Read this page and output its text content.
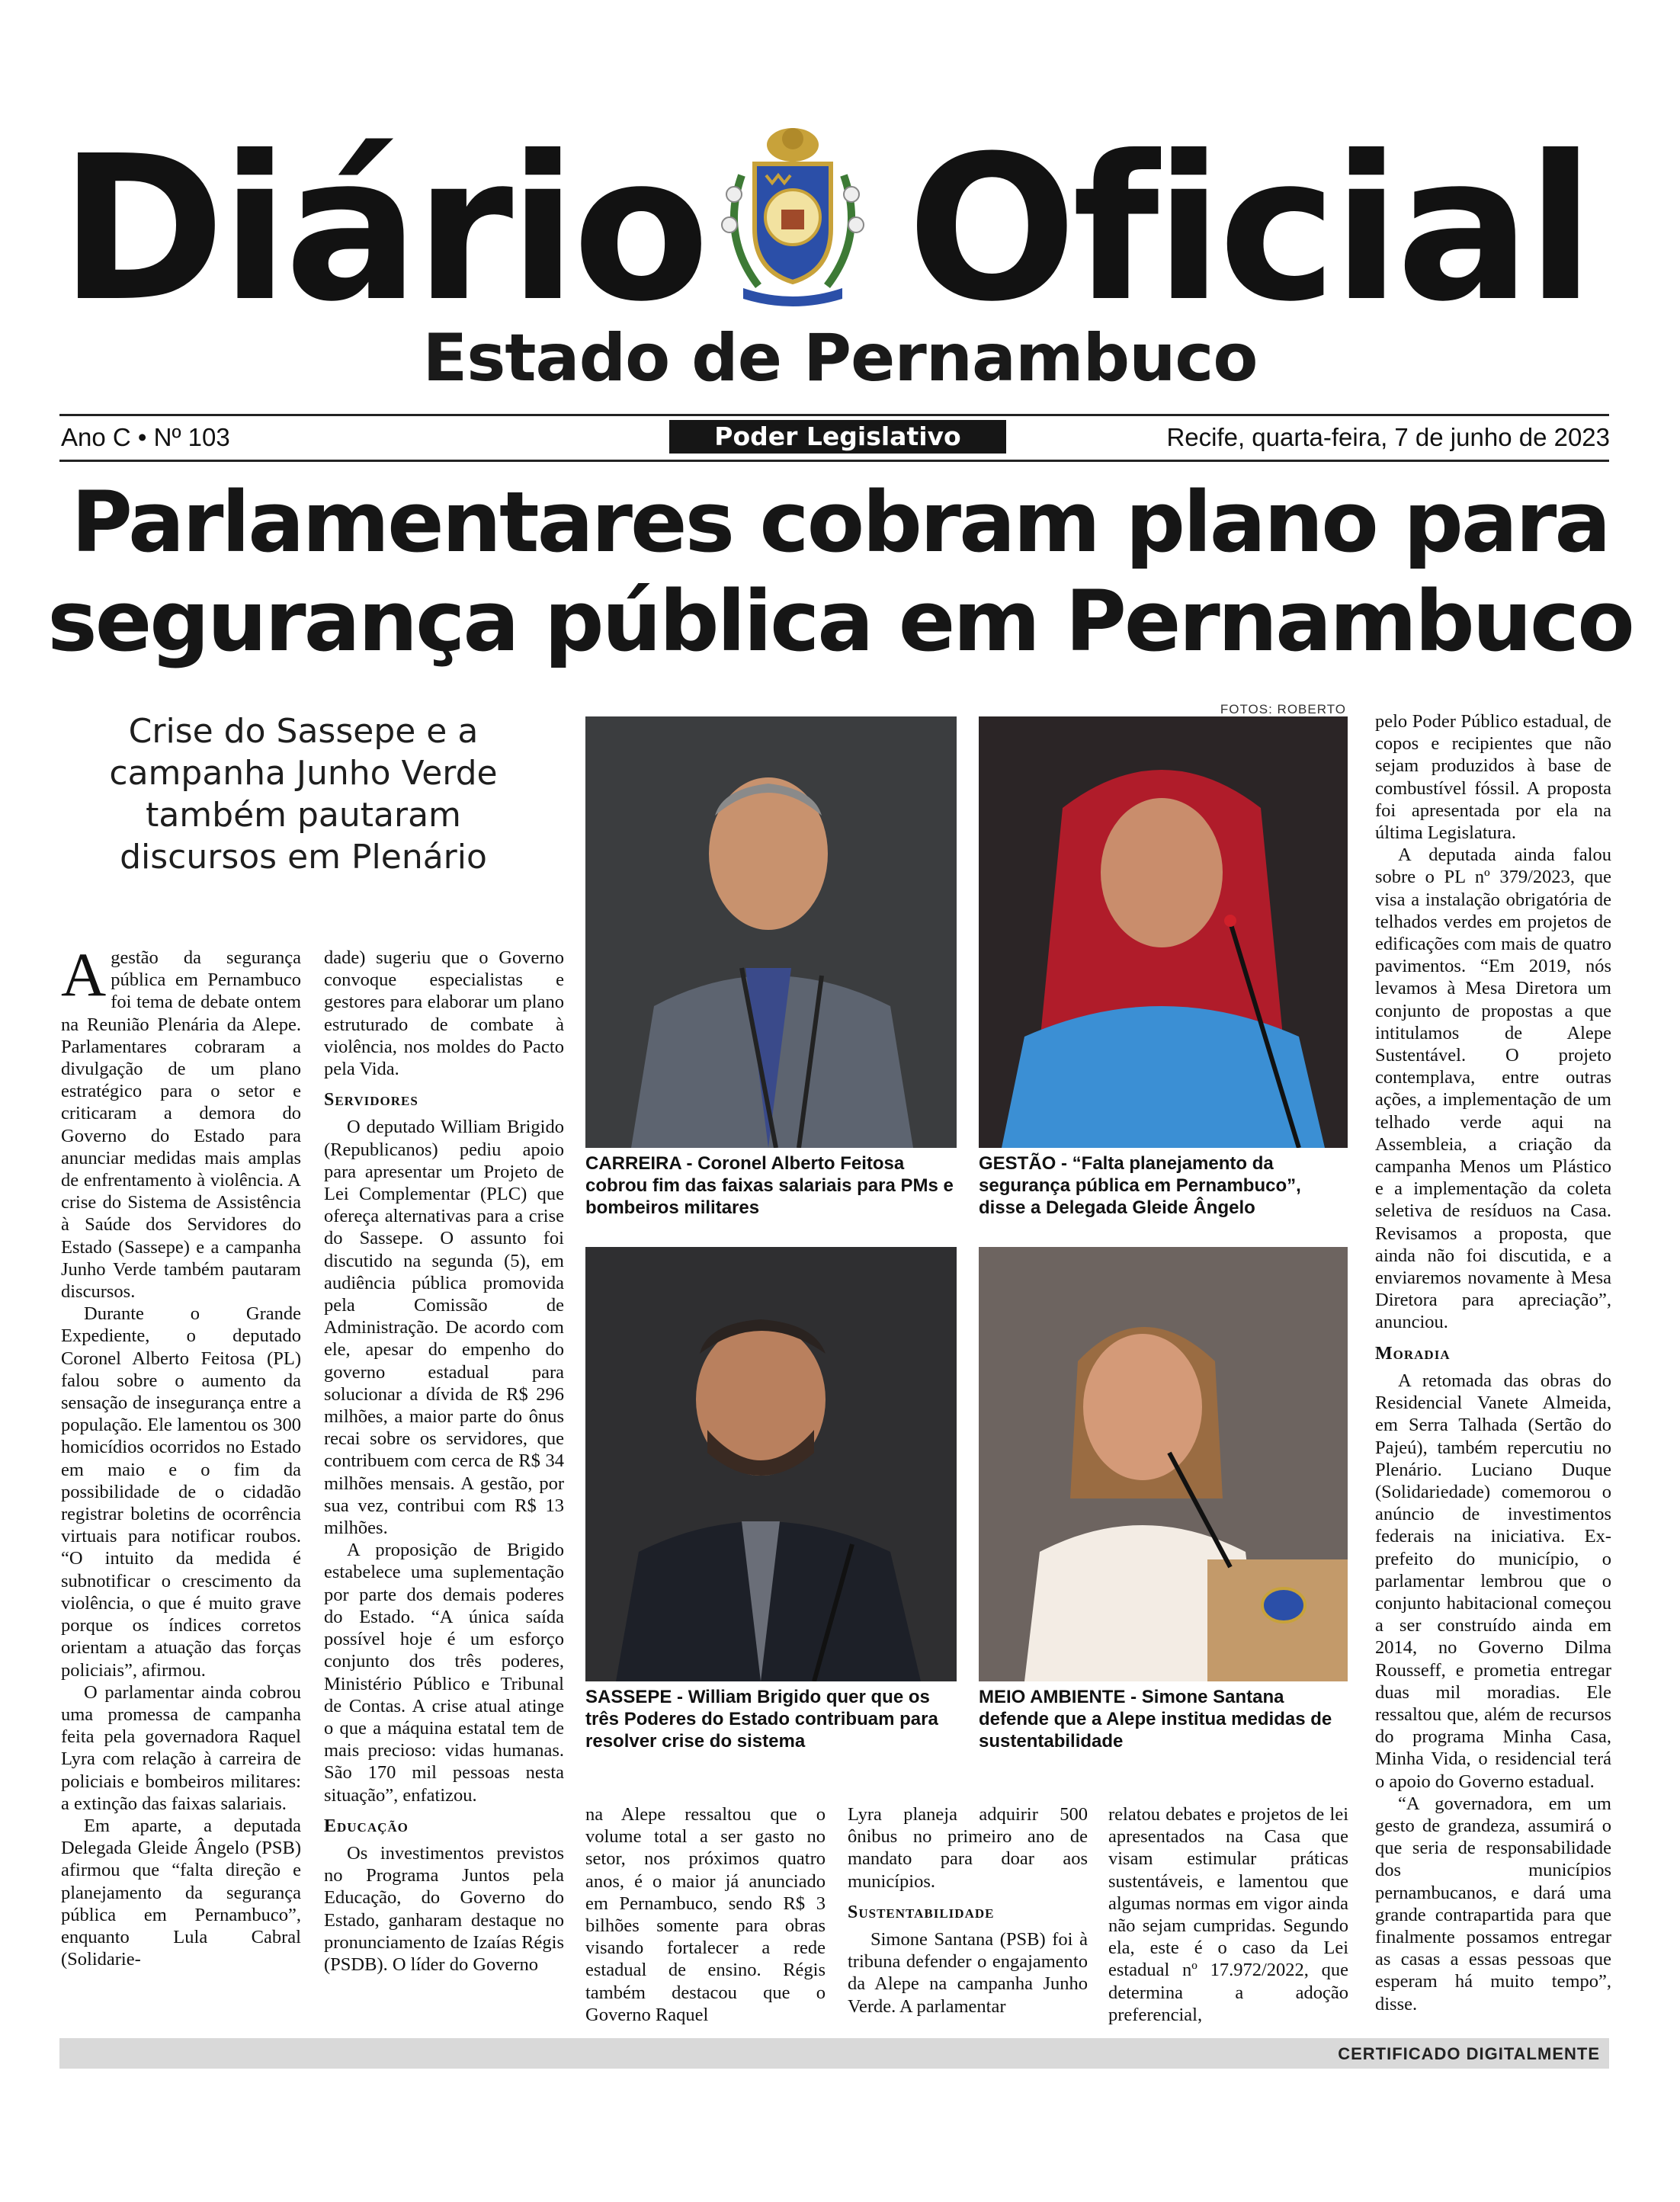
Diário Oficial
Estado de Pernambuco
Ano C • Nº 103	Poder Legislativo	Recife, quarta-feira, 7 de junho de 2023
Parlamentares cobram plano para segurança pública em Pernambuco
Crise do Sassepe e a campanha Junho Verde também pautaram discursos em Plenário
FOTOS: ROBERTO

Agestão da segurança pública em Pernambuco foi tema de debate ontem na Reunião Plenária da Alepe. Parlamentares cobraram a divulgação de um plano estratégico para o setor e criticaram a demora do Governo do Estado para anunciar medidas mais amplas de enfrentamento à violência. A crise do Sistema de Assistência à Saúde dos Servidores do Estado (Sassepe) e a campanha Junho Verde também pautaram discursos.

Durante o Grande Expediente, o deputado Coronel Alberto Feitosa (PL) falou sobre o aumento da sensação de insegurança entre a população. Ele lamentou os 300 homicídios ocorridos no Estado em maio e o fim da possibilidade de o cidadão registrar boletins de ocorrência virtuais para notificar roubos. “O intuito da medida é subnotificar o crescimento da violência, o que é muito grave porque os índices corretos orientam a atuação das forças policiais”, afirmou.

O parlamentar ainda cobrou uma promessa de campanha feita pela governadora Raquel Lyra com relação à carreira de policiais e bombeiros militares: a extinção das faixas salariais.

Em aparte, a deputada Delegada Gleide Ângelo (PSB) afirmou que “falta direção e planejamento da segurança pública em Pernambuco”, enquanto Lula Cabral (Solidarie-

dade) sugeriu que o Governo convoque especialistas e gestores para elaborar um plano estruturado de combate à violência, nos moldes do Pacto pela Vida.

Servidores

O deputado William Brigido (Republicanos) pediu apoio para apresentar um Projeto de Lei Complementar (PLC) que ofereça alternativas para a crise do Sassepe. O assunto foi discutido na segunda (5), em audiência pública promovida pela Comissão de Administração. De acordo com ele, apesar do empenho do governo estadual para solucionar a dívida de R$ 296 milhões, a maior parte do ônus recai sobre os servidores, que contribuem com cerca de R$ 34 milhões mensais. A gestão, por sua vez, contribui com R$ 13 milhões.

A proposição de Brigido estabelece uma suplementação por parte dos demais poderes do Estado. “A única saída possível hoje é um esforço conjunto dos três poderes, Ministério Público e Tribunal de Contas. A crise atual atinge o que a máquina estatal tem de mais precioso: vidas humanas. São 170 mil pessoas nesta situação”, enfatizou.

Educação

Os investimentos previstos no Programa Juntos pela Educação, do Governo do Estado, ganharam destaque no pronunciamento de Izaías Régis (PSDB). O líder do Governo

CARREIRA - Coronel Alberto Feitosa cobrou fim das faixas salariais para PMs e bombeiros militares
GESTÃO - “Falta planejamento da segurança pública em Pernambuco”, disse a Delegada Gleide Ângelo
SASSEPE - William Brigido quer que os três Poderes do Estado contribuam para resolver crise do sistema
MEIO AMBIENTE - Simone Santana defende que a Alepe institua medidas de sustentabilidade

na Alepe ressaltou que o volume total a ser gasto no setor, nos próximos quatro anos, é o maior já anunciado em Pernambuco, sendo R$ 3 bilhões somente para obras visando fortalecer a rede estadual de ensino. Régis também destacou que o Governo Raquel

Lyra planeja adquirir 500 ônibus no primeiro ano de mandato para doar aos municípios.

Sustentabilidade

Simone Santana (PSB) foi à tribuna defender o engajamento da Alepe na campanha Junho Verde. A parlamentar

relatou debates e projetos de lei apresentados na Casa que visam estimular práticas sustentáveis, e lamentou que algumas normas em vigor ainda não sejam cumpridas. Segundo ela, este é o caso da Lei estadual nº 17.972/2022, que determina a adoção preferencial,

pelo Poder Público estadual, de copos e recipientes que não sejam produzidos à base de combustível fóssil. A proposta foi apresentada por ela na última Legislatura.

A deputada ainda falou sobre o PL nº 379/2023, que visa a instalação obrigatória de telhados verdes em projetos de edificações com mais de quatro pavimentos. “Em 2019, nós levamos à Mesa Diretora um conjunto de propostas a que intitulamos de Alepe Sustentável. O projeto contemplava, entre outras ações, a implementação de um telhado verde aqui na Assembleia, a criação da campanha Menos um Plástico e a implementação da coleta seletiva de resíduos na Casa. Revisamos a proposta, que ainda não foi discutida, e a enviaremos novamente à Mesa Diretora para apreciação”, anunciou.

Moradia

A retomada das obras do Residencial Vanete Almeida, em Serra Talhada (Sertão do Pajeú), também repercutiu no Plenário. Luciano Duque (Solidariedade) comemorou o anúncio de investimentos federais na iniciativa. Ex-prefeito do município, o parlamentar lembrou que o conjunto habitacional começou a ser construído ainda em 2014, no Governo Dilma Rousseff, e prometia entregar duas mil moradias. Ele ressaltou que, além de recursos do programa Minha Casa, Minha Vida, o residencial terá o apoio do Governo estadual.

“A governadora, em um gesto de grandeza, assumirá o que seria de responsabilidade dos municípios pernambucanos, e dará uma grande contrapartida para que finalmente possamos entregar as casas a essas pessoas que esperam há muito tempo”, disse.

CERTIFICADO DIGITALMENTE
